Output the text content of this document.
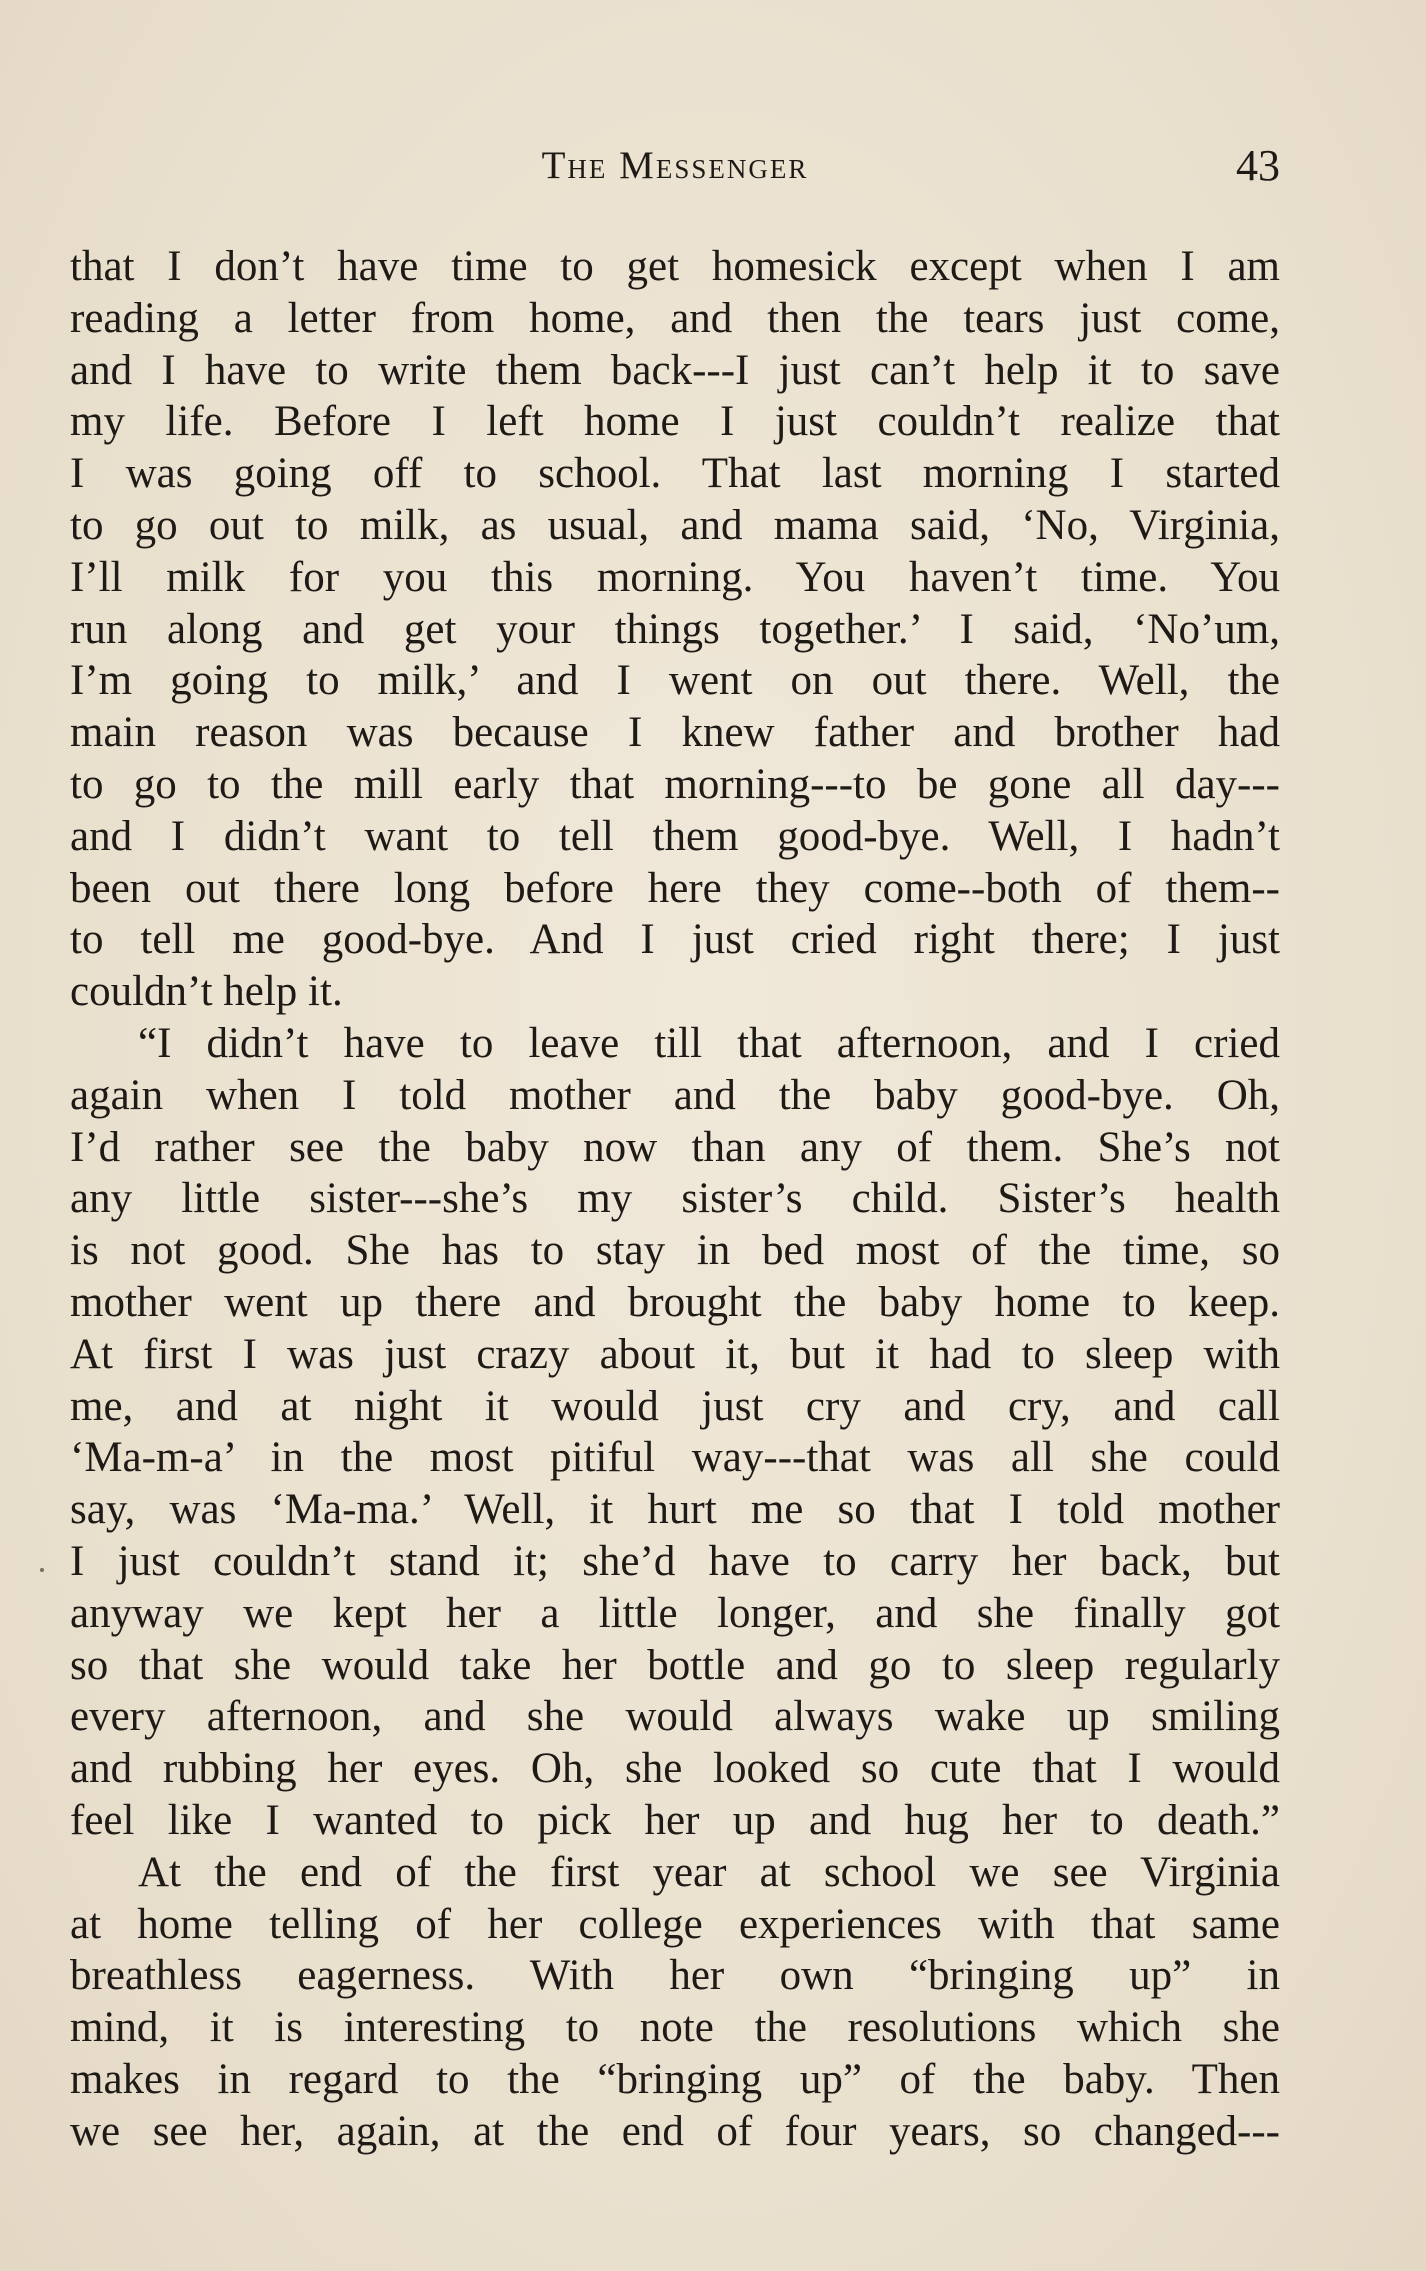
The Messenger	43
that I don’t have time to get homesick except when I am
reading a letter from home, and then the tears just come,
and I have to write them back---I just can’t help it to save
my life. Before I left home I just couldn’t realize that
I was going off to school. That last morning I started
to go out to milk, as usual, and mama said, ‘No, Virginia,
I’ll milk for you this morning. You haven’t time. You
run along and get your things together.’ I said, ‘No’um,
I’m going to milk,’ and I went on out there. Well, the
main reason was because I knew father and brother had
to go to the mill early that morning---to be gone all day---
and I didn’t want to tell them good-bye. Well, I hadn’t
been out there long before here they come--both of them--
to tell me good-bye. And I just cried right there; I just
couldn’t help it.
“I didn’t have to leave till that afternoon, and I cried
again when I told mother and the baby good-bye. Oh,
I’d rather see the baby now than any of them. She’s not
any little sister---she’s my sister’s child. Sister’s health
is not good. She has to stay in bed most of the time, so
mother went up there and brought the baby home to keep.
At first I was just crazy about it, but it had to sleep with
me, and at night it would just cry and cry, and call
‘Ma-m-a’ in the most pitiful way---that was all she could
say, was ‘Ma-ma.’ Well, it hurt me so that I told mother
I just couldn’t stand it; she’d have to carry her back, but
anyway we kept her a little longer, and she finally got
so that she would take her bottle and go to sleep regularly
every afternoon, and she would always wake up smiling
and rubbing her eyes. Oh, she looked so cute that I would
feel like I wanted to pick her up and hug her to death.”
At the end of the first year at school we see Virginia
at home telling of her college experiences with that same
breathless eagerness. With her own “bringing up” in
mind, it is interesting to note the resolutions which she
makes in regard to the “bringing up” of the baby. Then
we see her, again, at the end of four years, so changed---
